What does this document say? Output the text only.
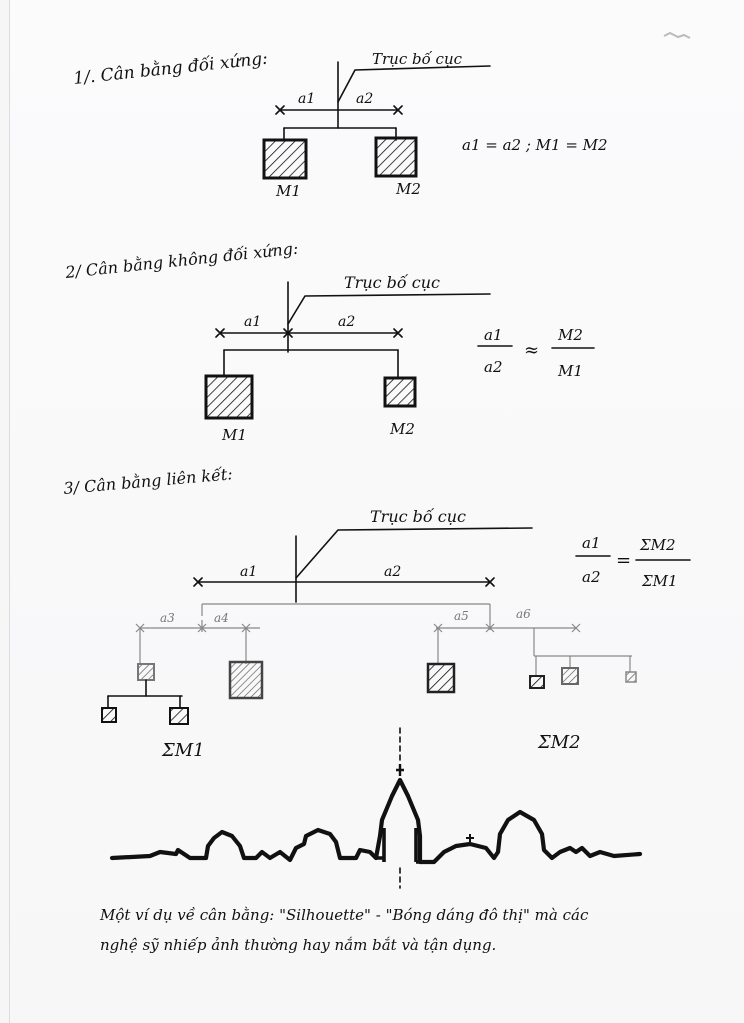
1/. Cân bằng đối xứng:	Trục bố cục
a1	a2
M1	M2
a1 = a2 ; M1 = M2
2/ Cân bằng không đối xứng:
Trục bố cục
a1	a2
M1	M2
a1
a2
≈
M2
M1
3/ Cân bằng liên kết:
Trục bố cục
a1	a2
a3	a4
ΣM1
a5	a6
ΣM2
a1
a2
=
ΣM2
ΣM1
Một ví dụ về cân bằng: "Silhouette" - "Bóng dáng đô thị" mà các
nghệ sỹ nhiếp ảnh thường hay nắm bắt và tận dụng.
